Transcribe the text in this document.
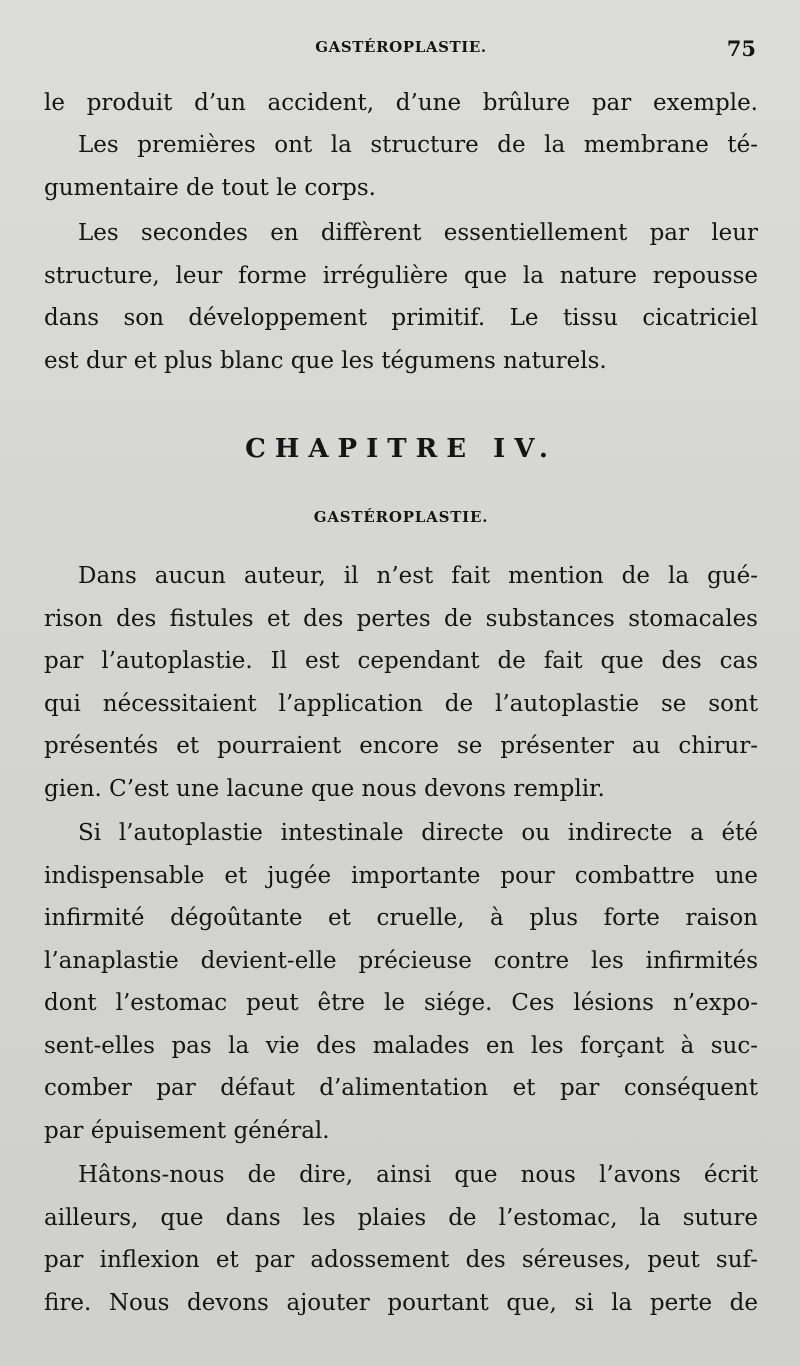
GASTÉROPLASTIE.	75
le produit d’un accident, d’une brûlure par exemple.
Les premières ont la structure de la membrane té-
gumentaire de tout le corps.
Les secondes en diffèrent essentiellement par leur
structure, leur forme irrégulière que la nature repousse
dans son développement primitif. Le tissu cicatriciel
est dur et plus blanc que les tégumens naturels.
CHAPITRE IV.
GASTÉROPLASTIE.
Dans aucun auteur, il n’est fait mention de la gué-
rison des fistules et des pertes de substances stomacales
par l’autoplastie. Il est cependant de fait que des cas
qui nécessitaient l’application de l’autoplastie se sont
présentés et pourraient encore se présenter au chirur-
gien. C’est une lacune que nous devons remplir.
Si l’autoplastie intestinale directe ou indirecte a été
indispensable et jugée importante pour combattre une
infirmité dégoûtante et cruelle, à plus forte raison
l’anaplastie devient-elle précieuse contre les infirmités
dont l’estomac peut être le siége. Ces lésions n’expo-
sent-elles pas la vie des malades en les forçant à suc-
comber par défaut d’alimentation et par conséquent
par épuisement général.
Hâtons-nous de dire, ainsi que nous l’avons écrit
ailleurs, que dans les plaies de l’estomac, la suture
par inflexion et par adossement des séreuses, peut suf-
fire. Nous devons ajouter pourtant que, si la perte de
